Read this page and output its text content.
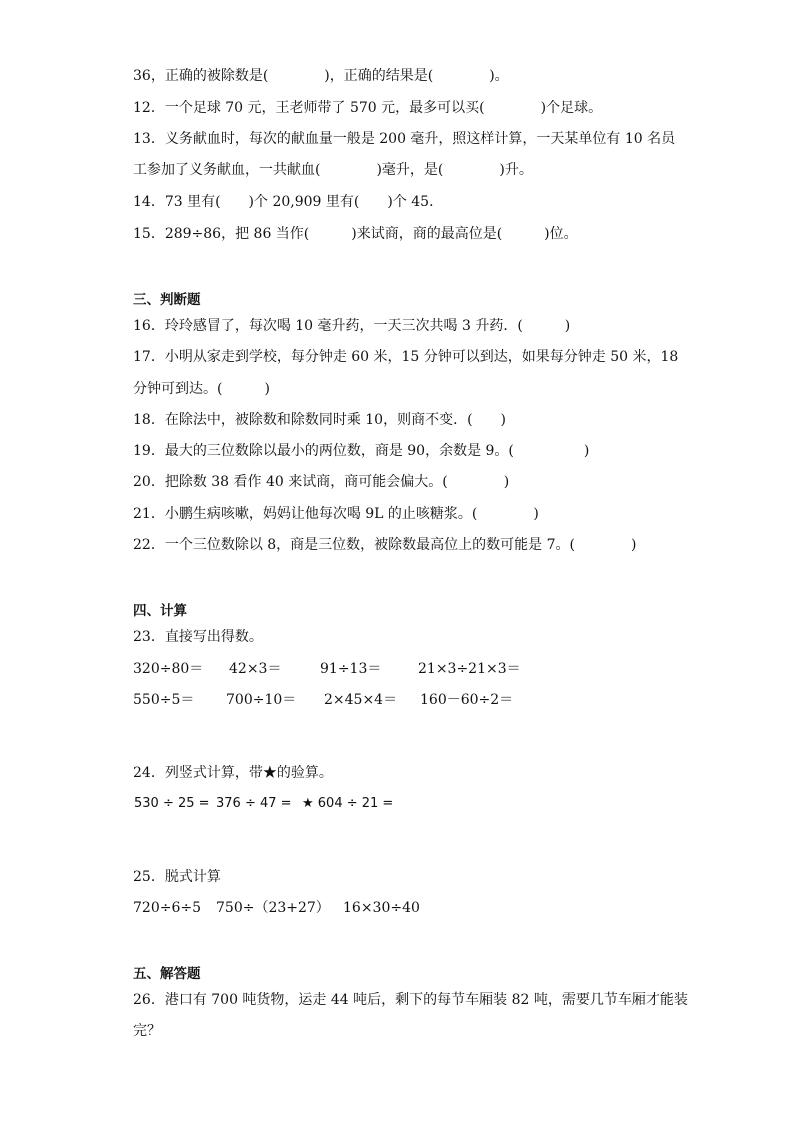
36，正确的被除数是(　　　　)，正确的结果是(　　　　)。
12．一个足球 70 元，王老师带了 570 元，最多可以买(　　　　)个足球。
13．义务献血时，每次的献血量一般是 200 毫升，照这样计算，一天某单位有 10 名员
工参加了义务献血，一共献血(　　　　)毫升，是(　　　　)升。
14．73 里有(　　)个 20,909 里有(　　)个 45．
15．289÷86，把 86 当作(　　　)来试商，商的最高位是(　　　)位。
三、判断题
16．玲玲感冒了，每次喝 10 毫升药，一天三次共喝 3 升药．(　　　)
17．小明从家走到学校，每分钟走 60 米，15 分钟可以到达，如果每分钟走 50 米，18
分钟可到达。(　　　)
18．在除法中，被除数和除数同时乘 10，则商不变．(　　)
19．最大的三位数除以最小的两位数，商是 90，余数是 9。(　　　　　)
20．把除数 38 看作 40 来试商，商可能会偏大。(　　　　)
21．小鹏生病咳嗽，妈妈让他每次喝 9L 的止咳糖浆。(　　　　)
22．一个三位数除以 8，商是三位数，被除数最高位上的数可能是 7。(　　　　)
四、计算
23．直接写出得数。
320÷80＝ 42×3＝	91÷13＝	21×3÷21×3＝
550÷5＝ 700÷10＝ 2×45×4＝ 160－60÷2＝
24．列竖式计算，带★的验算。
530 ÷ 25 = 376 ÷ 47 = ★ 604 ÷ 21 =
25．脱式计算
720÷6÷5 750÷（23+27） 16×30÷40
五、解答题
26．港口有 700 吨货物，运走 44 吨后，剩下的每节车厢装 82 吨，需要几节车厢才能装
完？
